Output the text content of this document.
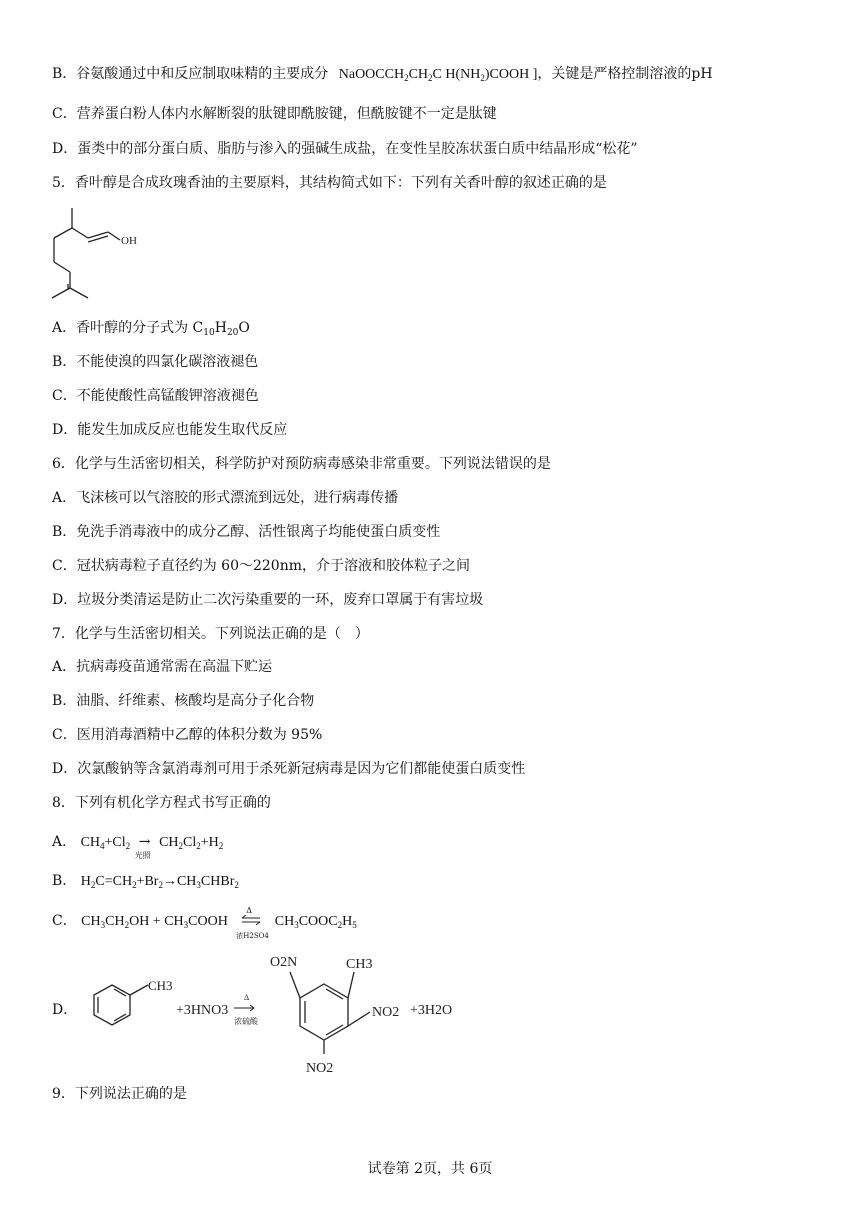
B．谷氨酸通过中和反应制取味精的主要成分 $NaOOCCH_2CH_2C$ $H(NH_2)COOH$ ]，关键是严格控制溶液的pH
C．营养蛋白粉人体内水解断裂的肽键即酰胺键，但酰胺键不一定是肽键
D．蛋类中的部分蛋白质、脂肪与渗入的强碱生成盐，在变性呈胶冻状蛋白质中结晶形成“松花”
5．香叶醇是合成玫瑰香油的主要原料，其结构简式如下：下列有关香叶醇的叙述正确的是
OH
A．香叶醇的分子式为 $C_{10}H_{20}O$
B．不能使溴的四氯化碳溶液褪色
C．不能使酸性高锰酸钾溶液褪色
D．能发生加成反应也能发生取代反应
6．化学与生活密切相关，科学防护对预防病毒感染非常重要。下列说法错误的是
A．飞沫核可以气溶胶的形式漂流到远处，进行病毒传播
B．免洗手消毒液中的成分乙醇、活性银离子均能使蛋白质变性
C．冠状病毒粒子直径约为 60～220nm，介于溶液和胶体粒子之间
D．垃圾分类清运是防止二次污染重要的一环，废弃口罩属于有害垃圾
7．化学与生活密切相关。下列说法正确的是（　）
A．抗病毒疫苗通常需在高温下贮运
B．油脂、纤维素、核酸均是高分子化合物
C．医用消毒酒精中乙醇的体积分数为 95%
D．次氯酸钠等含氯消毒剂可用于杀死新冠病毒是因为它们都能使蛋白质变性
8．下列有机化学方程式书写正确的
A． $CH_4+Cl_2$ →
光照
$CH_2Cl_2+H_2$
B． $H_2C=CH_2+Br_2\to CH_3CHBr_2$
C． $CH_3CH_2OH$ + $CH_3COOH$
Δ
浓H2SO4
$CH_3COOC_2H_5$
D．
CH3
+3HNO3
Δ
浓硫酸
O2N	CH3
NO2
NO2
+3H2O
9．下列说法正确的是
试卷第 2页，共 6页
